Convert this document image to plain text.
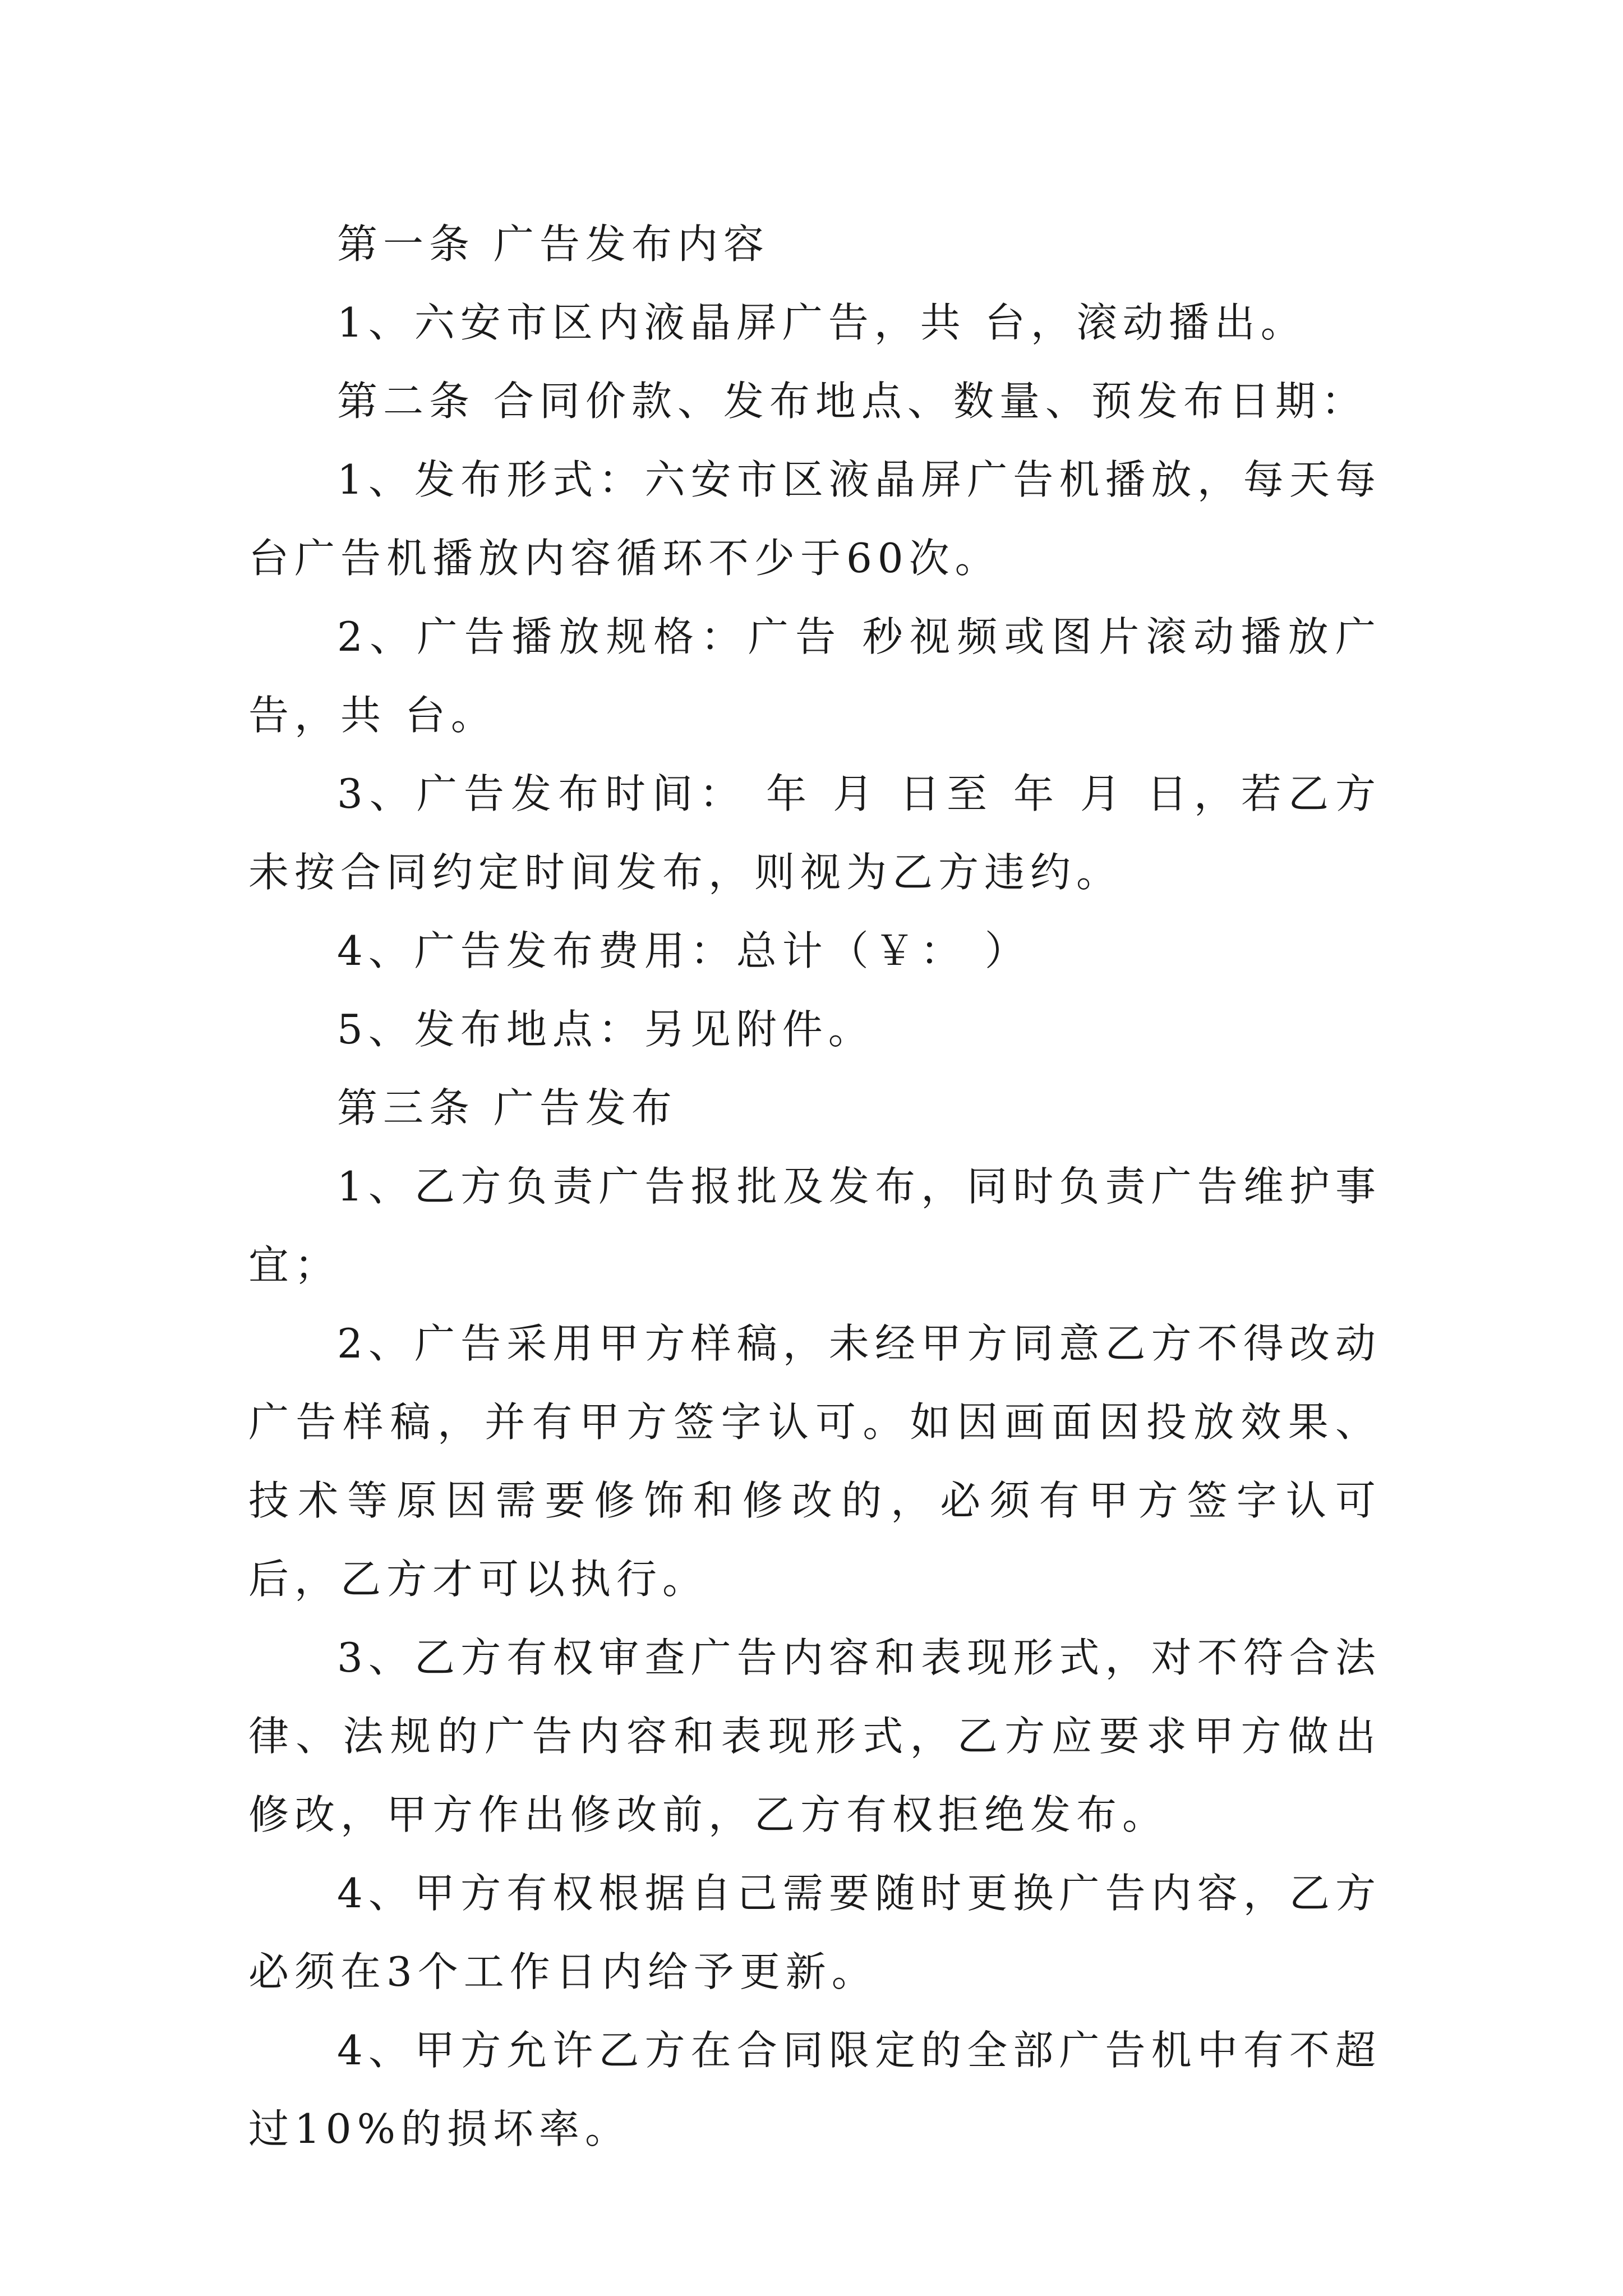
第一条 广告发布内容

1、六安市区内液晶屏广告，共 台，滚动播出。

第二条 合同价款、发布地点、数量、预发布日期：

1、发布形式：六安市区液晶屏广告机播放，每天每台广告机播放内容循环不少于60次。

2、广告播放规格：广告 秒视频或图片滚动播放广告，共 台。

3、广告发布时间： 年 月 日至 年 月 日，若乙方未按合同约定时间发布，则视为乙方违约。

4、广告发布费用：总计（￥： ）

5、发布地点：另见附件。

第三条 广告发布

1、乙方负责广告报批及发布，同时负责广告维护事宜；

2、广告采用甲方样稿，未经甲方同意乙方不得改动广告样稿，并有甲方签字认可。如因画面因投放效果、技术等原因需要修饰和修改的，必须有甲方签字认可后，乙方才可以执行。

3、乙方有权审查广告内容和表现形式，对不符合法律、法规的广告内容和表现形式，乙方应要求甲方做出修改，甲方作出修改前，乙方有权拒绝发布。

4、甲方有权根据自己需要随时更换广告内容，乙方必须在3个工作日内给予更新。

4、甲方允许乙方在合同限定的全部广告机中有不超过10%的损坏率。
